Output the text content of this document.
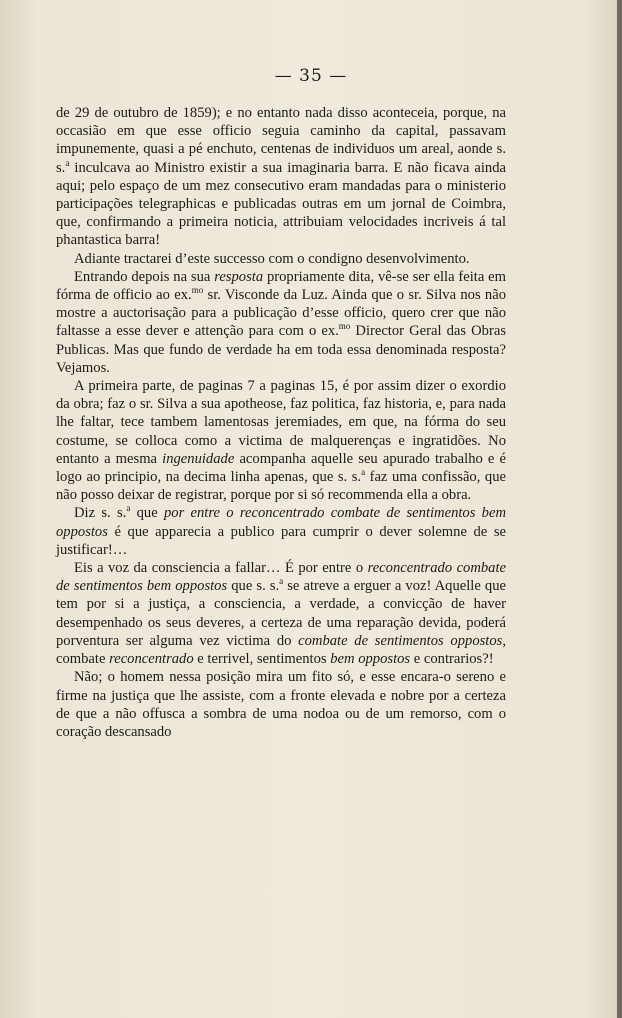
— 35 —

de 29 de outubro de 1859); e no entanto nada disso aconteceia, porque, na occasião em que esse officio seguia caminho da capital, passavam impunemente, quasi a pé enchuto, centenas de individuos um areal, aonde s. s.$^a$ inculcava ao Ministro existir a sua imaginaria barra. E não ficava ainda aqui; pelo espaço de um mez consecutivo eram mandadas para o ministerio participações telegraphicas e publicadas outras em um jornal de Coimbra, que, confirmando a primeira noticia, attribuiam velocidades incriveis á tal phantastica barra!

Adiante tractarei d’este successo com o condigno desenvolvimento.

Entrando depois na sua resposta propriamente dita, vê-se ser ella feita em fórma de officio ao ex.$^{mo}$ sr. Visconde da Luz. Ainda que o sr. Silva nos não mostre a auctorisação para a publicação d’esse officio, quero crer que não faltasse a esse dever e attenção para com o ex.$^{mo}$ Director Geral das Obras Publicas. Mas que fundo de verdade ha em toda essa denominada resposta? Vejamos.

A primeira parte, de paginas 7 a paginas 15, é por assim dizer o exordio da obra; faz o sr. Silva a sua apotheose, faz politica, faz historia, e, para nada lhe faltar, tece tambem lamentosas jeremiades, em que, na fórma do seu costume, se colloca como a victima de malquerenças e ingratidões. No entanto a mesma ingenuidade acompanha aquelle seu apurado trabalho e é logo ao principio, na decima linha apenas, que s. s.$^a$ faz uma confissão, que não posso deixar de registrar, porque por si só recommenda ella a obra.

Diz s. s.$^a$ que por entre o reconcentrado combate de sentimentos bem oppostos é que apparecia a publico para cumprir o dever solemne de se justificar!…

Eis a voz da consciencia a fallar… É por entre o reconcentrado combate de sentimentos bem oppostos que s. s.$^a$ se atreve a erguer a voz! Aquelle que tem por si a justiça, a consciencia, a verdade, a convicção de haver desempenhado os seus deveres, a certeza de uma reparação devida, poderá porventura ser alguma vez victima do combate de sentimentos oppostos, combate reconcentrado e terrivel, sentimentos bem oppostos e contrarios?!

Não; o homem nessa posição mira um fito só, e esse encara-o sereno e firme na justiça que lhe assiste, com a fronte elevada e nobre por a certeza de que a não offusca a sombra de uma nodoa ou de um remorso, com o coração descansado
